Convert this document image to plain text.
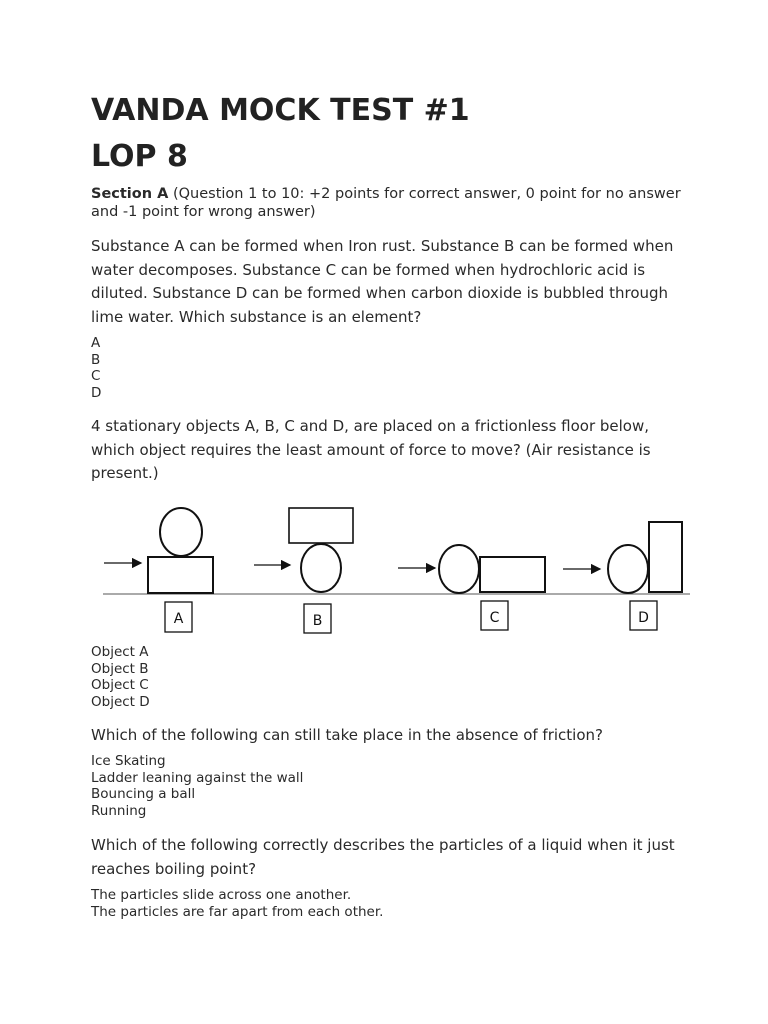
VANDA MOCK TEST #1
LOP 8
Section A (Question 1 to 10: +2 points for correct answer, 0 point for no answer and -1 point for wrong answer)
Substance A can be formed when Iron rust. Substance B can be formed when water decomposes. Substance C can be formed when hydrochloric acid is diluted. Substance D can be formed when carbon dioxide is bubbled through lime water. Which substance is an element?
A
B
C
D
4 stationary objects A, B, C and D, are placed on a frictionless floor below, which object requires the least amount of force to move? (Air resistance is present.)
Object A
Object B
Object C
Object D
Which of the following can still take place in the absence of friction?
Ice Skating
Ladder leaning against the wall
Bouncing a ball
Running
Which of the following correctly describes the particles of a liquid when it just reaches boiling point?
The particles slide across one another.
The particles are far apart from each other.
A	B	C	D
